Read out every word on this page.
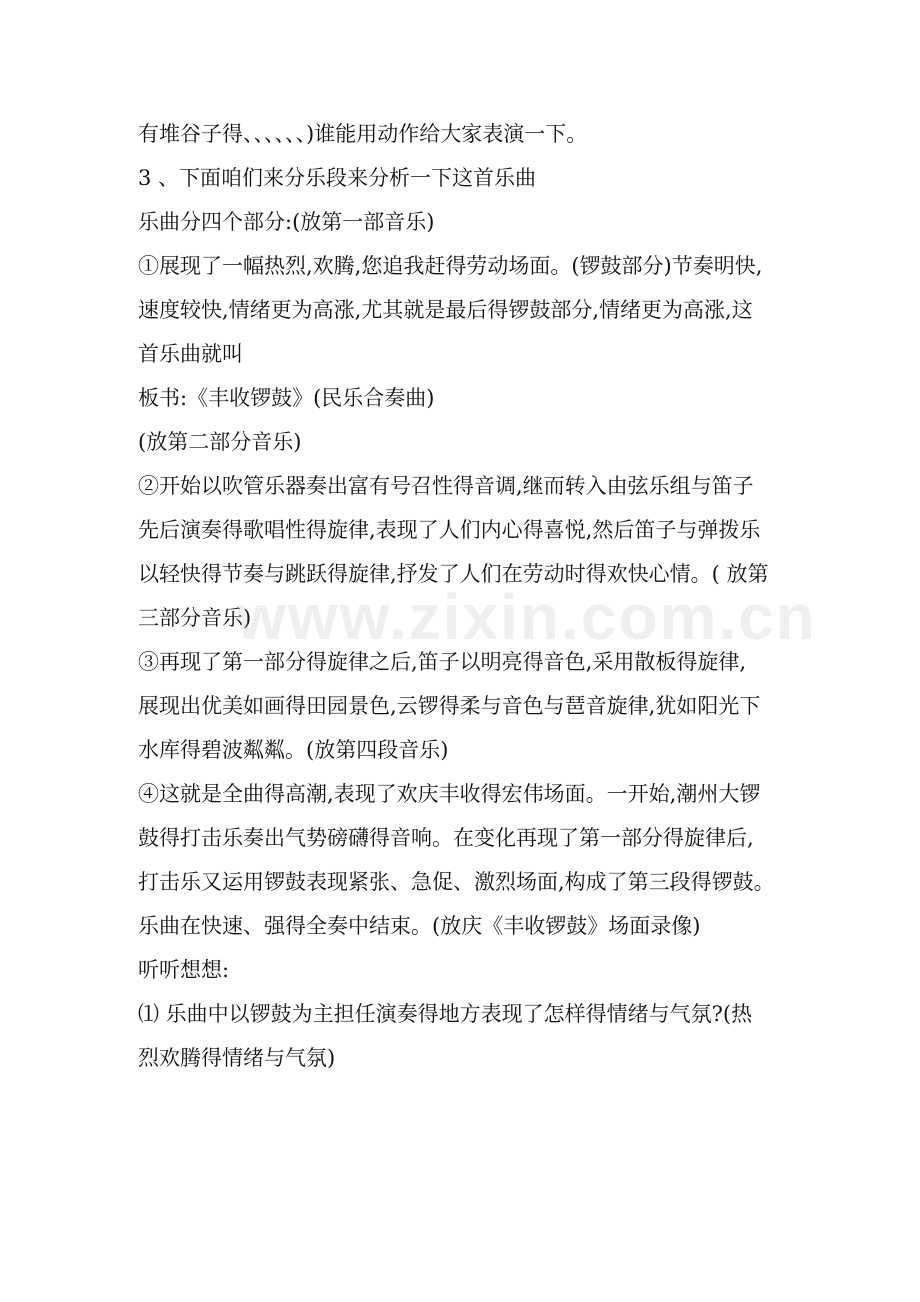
有堆谷子得、、、、、、)谁能用动作给大家表演一下。
3 、下面咱们来分乐段来分析一下这首乐曲
乐曲分四个部分:(放第一部音乐)
①展现了一幅热烈,欢腾,您追我赶得劳动场面。(锣鼓部分)节奏明快,
速度较快,情绪更为高涨,尤其就是最后得锣鼓部分,情绪更为高涨,这
首乐曲就叫
板书:《丰收锣鼓》(民乐合奏曲)
(放第二部分音乐)
②开始以吹管乐器奏出富有号召性得音调,继而转入由弦乐组与笛子
先后演奏得歌唱性得旋律,表现了人们内心得喜悦,然后笛子与弹拨乐
以轻快得节奏与跳跃得旋律,抒发了人们在劳动时得欢快心情。( 放第
三部分音乐)
③再现了第一部分得旋律之后,笛子以明亮得音色,采用散板得旋律,
展现出优美如画得田园景色,云锣得柔与音色与琶音旋律,犹如阳光下
水库得碧波粼粼。(放第四段音乐)
④这就是全曲得高潮,表现了欢庆丰收得宏伟场面。一开始,潮州大锣
鼓得打击乐奏出气势磅礴得音响。在变化再现了第一部分得旋律后,
打击乐又运用锣鼓表现紧张、急促、激烈场面,构成了第三段得锣鼓。
乐曲在快速、强得全奏中结束。(放庆《丰收锣鼓》场面录像)
听听想想:
⑴ 乐曲中以锣鼓为主担任演奏得地方表现了怎样得情绪与气氛?(热
烈欢腾得情绪与气氛)
www.zixin.com.cn
